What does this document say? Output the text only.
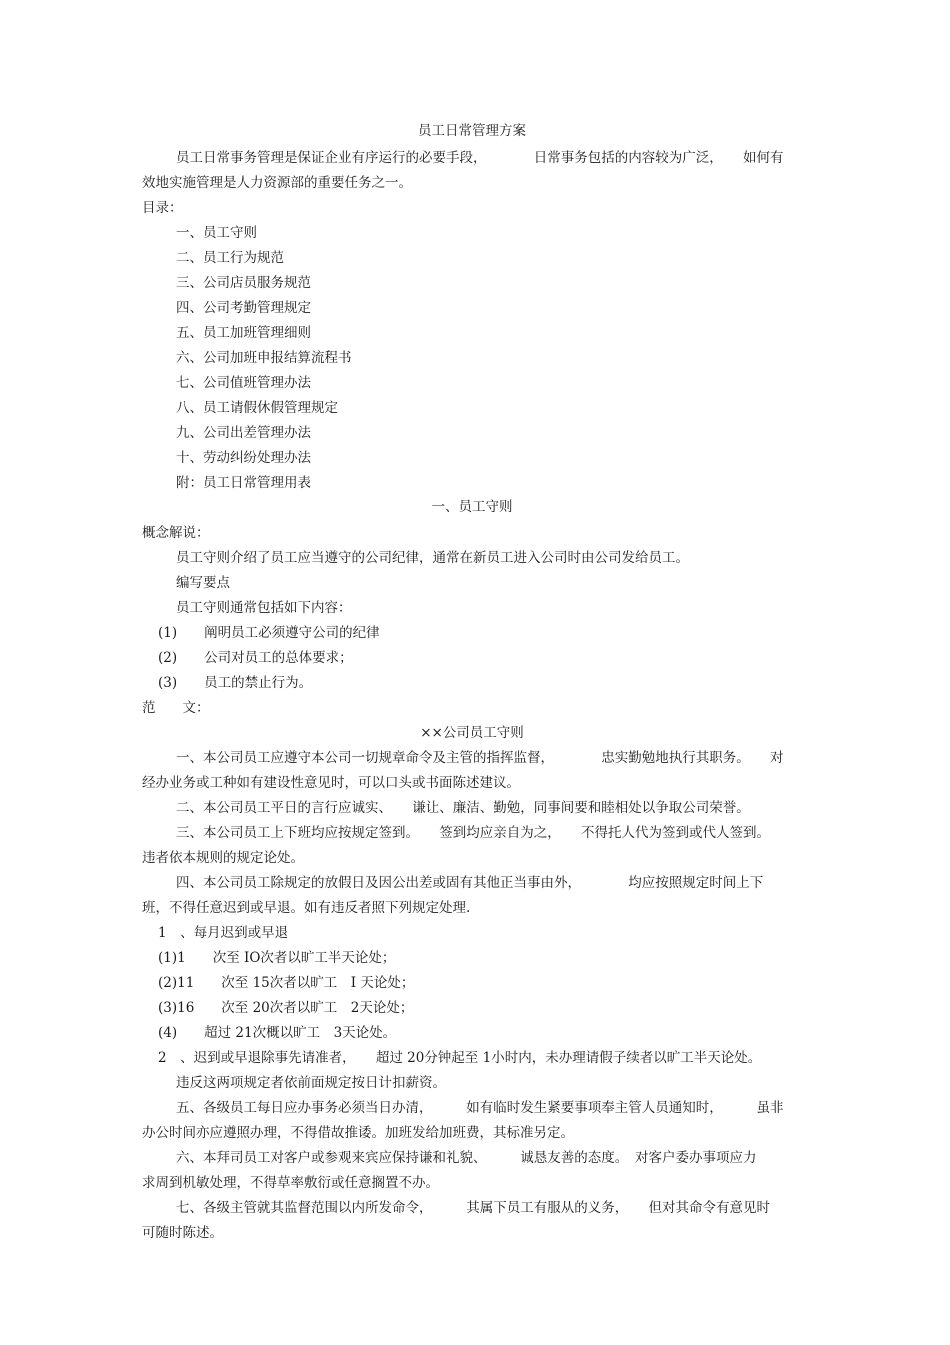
员工日常管理方案
员工日常事务管理是保证企业有序运行的必要手段，　　　　日常事务包括的内容较为广泛，　　如何有
效地实施管理是人力资源部的重要任务之一。
目录：
一、员工守则
二、员工行为规范
三、公司店员服务规范
四、公司考勤管理规定
五、员工加班管理细则
六、公司加班申报结算流程书
七、公司值班管理办法
八、员工请假休假管理规定
九、公司出差管理办法
十、劳动纠纷处理办法
附：员工日常管理用表
一、员工守则
概念解说：
员工守则介绍了员工应当遵守的公司纪律，通常在新员工进入公司时由公司发给员工。
编写要点
员工守则通常包括如下内容：
(1)　　阐明员工必须遵守公司的纪律
(2)　　公司对员工的总体要求；
(3)　　员工的禁止行为。
范　　文：
××公司员工守则
一、本公司员工应遵守本公司一切规章命令及主管的指挥监督，　　　　忠实勤勉地执行其职务。　　对
经办业务或工种如有建设性意见时，可以口头或书面陈述建议。
二、本公司员工平日的言行应诚实、　　谦让、廉洁、勤勉，同事间要和睦相处以争取公司荣誉。
三、本公司员工上下班均应按规定签到。　　签到均应亲自为之，　　不得托人代为签到或代人签到。
违者依本规则的规定论处。
四、本公司员工除规定的放假日及因公出差或固有其他正当事由外，　　　　均应按照规定时间上下
班，不得任意迟到或早退。如有违反者照下列规定处理.
1　、每月迟到或早退
(1)1　　次至 IO次者以旷工半天论处；
(2)11　　次至 15次者以旷工　I 天论处；
(3)16　　次至 20次者以旷工　2天论处；
(4)　　超过 21次概以旷工　3天论处。
2　、迟到或早退除事先请准者，　　超过 20分钟起至 1小时内，未办理请假子续者以旷工半天论处。
违反这两项规定者依前面规定按日计扣薪资。
五、各级员工每日应办事务必须当日办清，　　　如有临时发生紧要事项奉主管人员通知时，　　　虽非
办公时间亦应遵照办理，不得借故推诿。加班发给加班费，其标准另定。
六、本拜司员工对客户或参观来宾应保持谦和礼貌、　　　诚恳友善的态度。　对客户委办事项应力
求周到机敏处理，不得草率敷衍或任意搁置不办。
七、各级主管就其监督范围以内所发命令，　　　其属下员工有服从的义务，　　但对其命令有意见时
可随时陈述。
